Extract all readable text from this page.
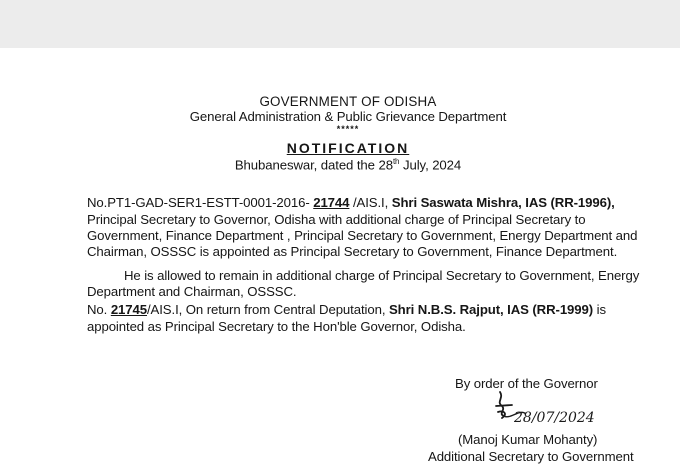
GOVERNMENT OF ODISHA
General Administration & Public Grievance Department
*****
NOTIFICATION
Bhubaneswar, dated the 28th July, 2024
No.PT1-GAD-SER1-ESTT-0001-2016- 21744 /AIS.I, Shri Saswata Mishra, IAS (RR-1996),
Principal Secretary to Governor, Odisha with additional charge of Principal Secretary to
Government, Finance Department , Principal Secretary to Government, Energy Department and
Chairman, OSSSC is appointed as Principal Secretary to Government, Finance Department.
He is allowed to remain in additional charge of Principal Secretary to Government, Energy
Department and Chairman, OSSSC.
No. 21745/AIS.I, On return from Central Deputation, Shri N.B.S. Rajput, IAS (RR-1999) is
appointed as Principal Secretary to the Hon'ble Governor, Odisha.
By order of the Governor
28/07/2024
(Manoj Kumar Mohanty)
Additional Secretary to Government
